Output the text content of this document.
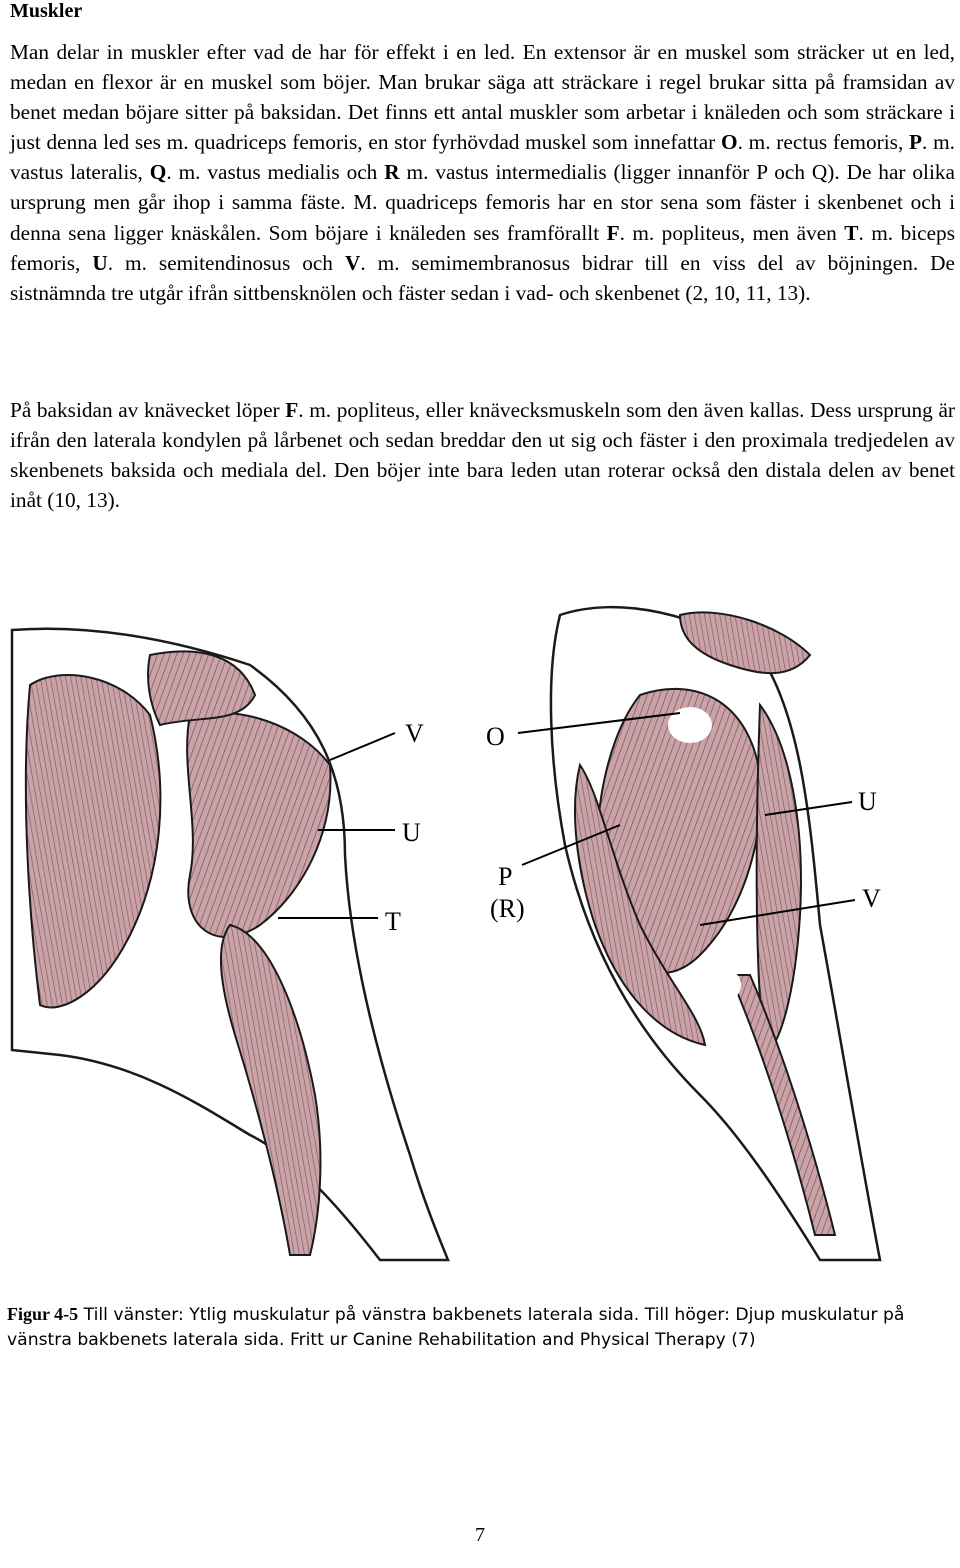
Muskler

Man delar in muskler efter vad de har för effekt i en led. En extensor är en muskel som sträcker ut en led, medan en flexor är en muskel som böjer. Man brukar säga att sträckare i regel brukar sitta på framsidan av benet medan böjare sitter på baksidan. Det finns ett antal muskler som arbetar i knäleden och som sträckare i just denna led ses m. quadriceps femoris, en stor fyrhövdad muskel som innefattar O. m. rectus femoris, P. m. vastus lateralis, Q. m. vastus medialis och R m. vastus intermedialis (ligger innanför P och Q). De har olika ursprung men går ihop i samma fäste. M. quadriceps femoris har en stor sena som fäster i skenbenet och i denna sena ligger knäskålen. Som böjare i knäleden ses framförallt F. m. popliteus, men även T. m. biceps femoris, U. m. semitendinosus och V. m. semimembranosus bidrar till en viss del av böjningen. De sistnämnda tre utgår ifrån sittbensknölen och fäster sedan i vad- och skenbenet (2, 10, 11, 13).

På baksidan av knävecket löper F. m. popliteus, eller knävecksmuskeln som den även kallas. Dess ursprung är ifrån den laterala kondylen på lårbenet och sedan breddar den ut sig och fäster i den proximala tredjedelen av skenbenets baksida och mediala del. Den böjer inte bara leden utan roterar också den distala delen av benet inåt (10, 13).

V
U
T
O
P
(R)
U
V

Figur 4-5 Till vänster: Ytlig muskulatur på vänstra bakbenets laterala sida. Till höger: Djup muskulatur på vänstra bakbenets laterala sida. Fritt ur Canine Rehabilitation and Physical Therapy (7)

7
